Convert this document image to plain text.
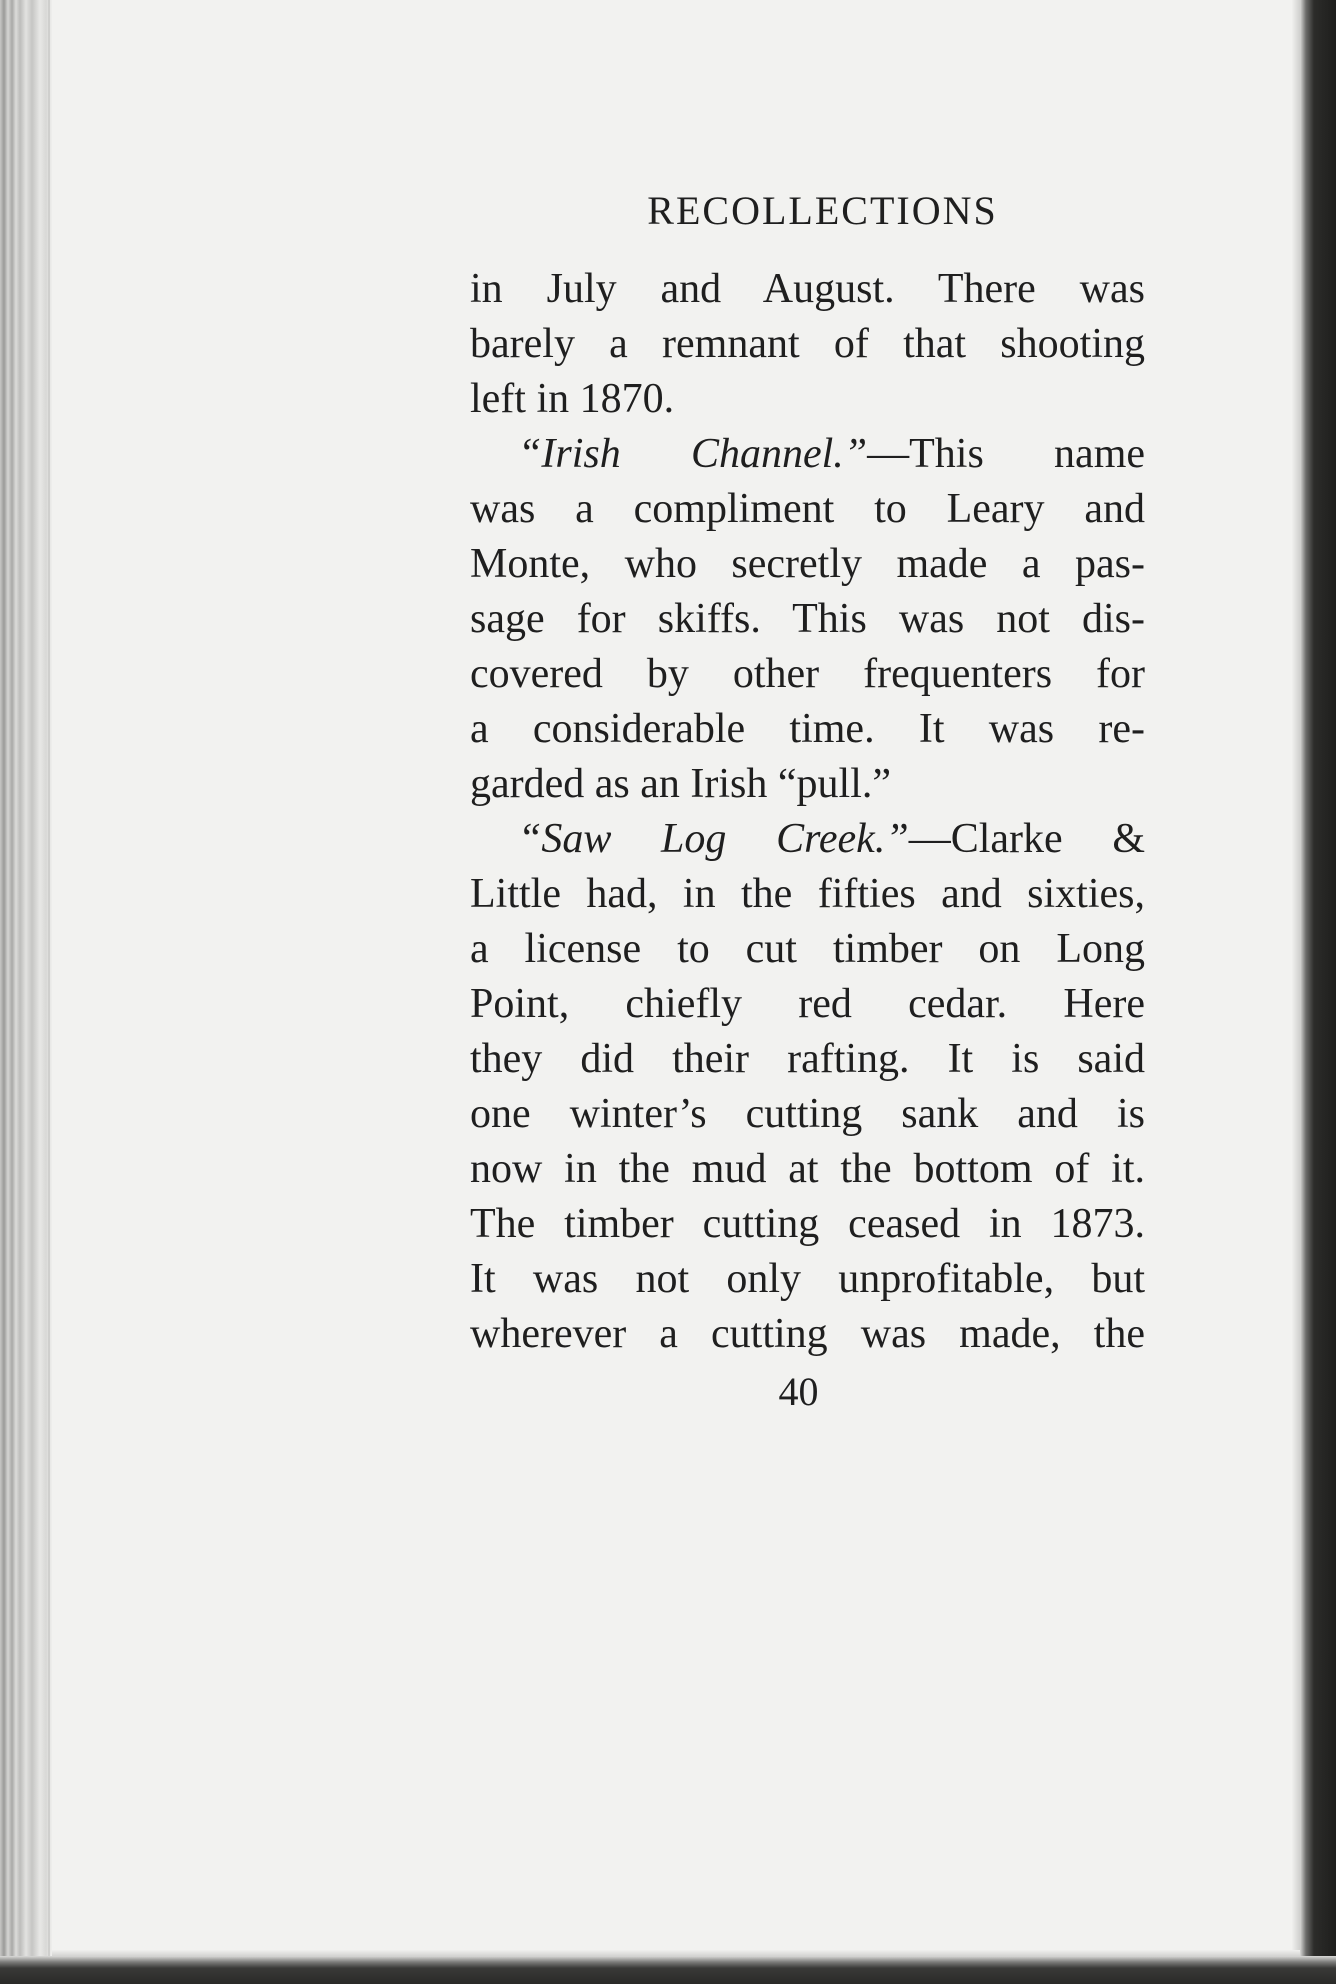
RECOLLECTIONS
in July and August. There was
barely a remnant of that shooting
left in 1870.
“Irish Channel.”—This name
was a compliment to Leary and
Monte, who secretly made a pas-
sage for skiffs. This was not dis-
covered by other frequenters for
a considerable time. It was re-
garded as an Irish “pull.”
“Saw Log Creek.”—Clarke &
Little had, in the fifties and sixties,
a license to cut timber on Long
Point, chiefly red cedar. Here
they did their rafting. It is said
one winter’s cutting sank and is
now in the mud at the bottom of it.
The timber cutting ceased in 1873.
It was not only unprofitable, but
wherever a cutting was made, the
40
